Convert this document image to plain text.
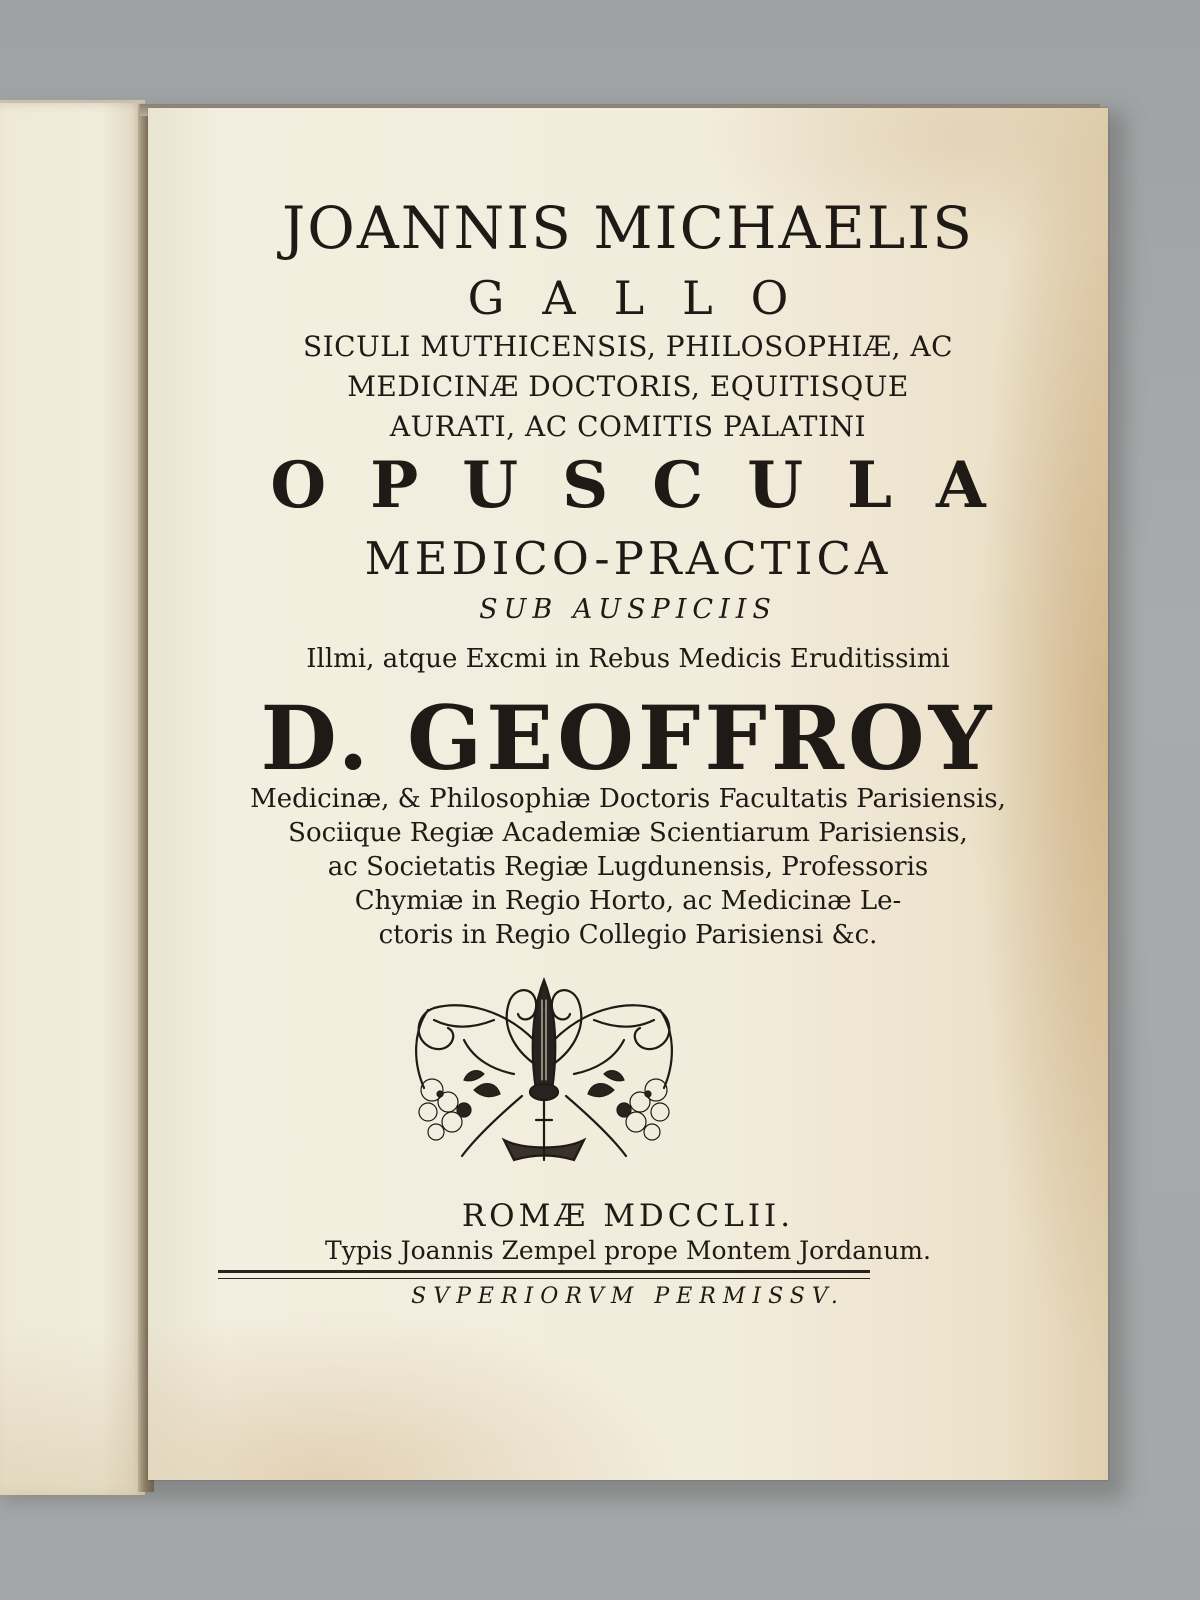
JOANNIS MICHAELIS
GALLO
SICULI MUTHICENSIS, PHILOSOPHIÆ, AC
MEDICINÆ DOCTORIS, EQUITISQUE
AURATI, AC COMITIS PALATINI
OPUSCULA
MEDICO-PRACTICA
SUB AUSPICIIS
Illmi, atque Excmi in Rebus Medicis Eruditissimi
D. GEOFFROY
Medicinæ, & Philosophiæ Doctoris Facultatis Parisiensis,
Sociique Regiæ Academiæ Scientiarum Parisiensis,
ac Societatis Regiæ Lugdunensis, Professoris
Chymiæ in Regio Horto, ac Medicinæ Le-
ctoris in Regio Collegio Parisiensi &c.
ROMÆ MDCCLII.
Typis Joannis Zempel prope Montem Jordanum.
SVPERIORVM PERMISSV.
